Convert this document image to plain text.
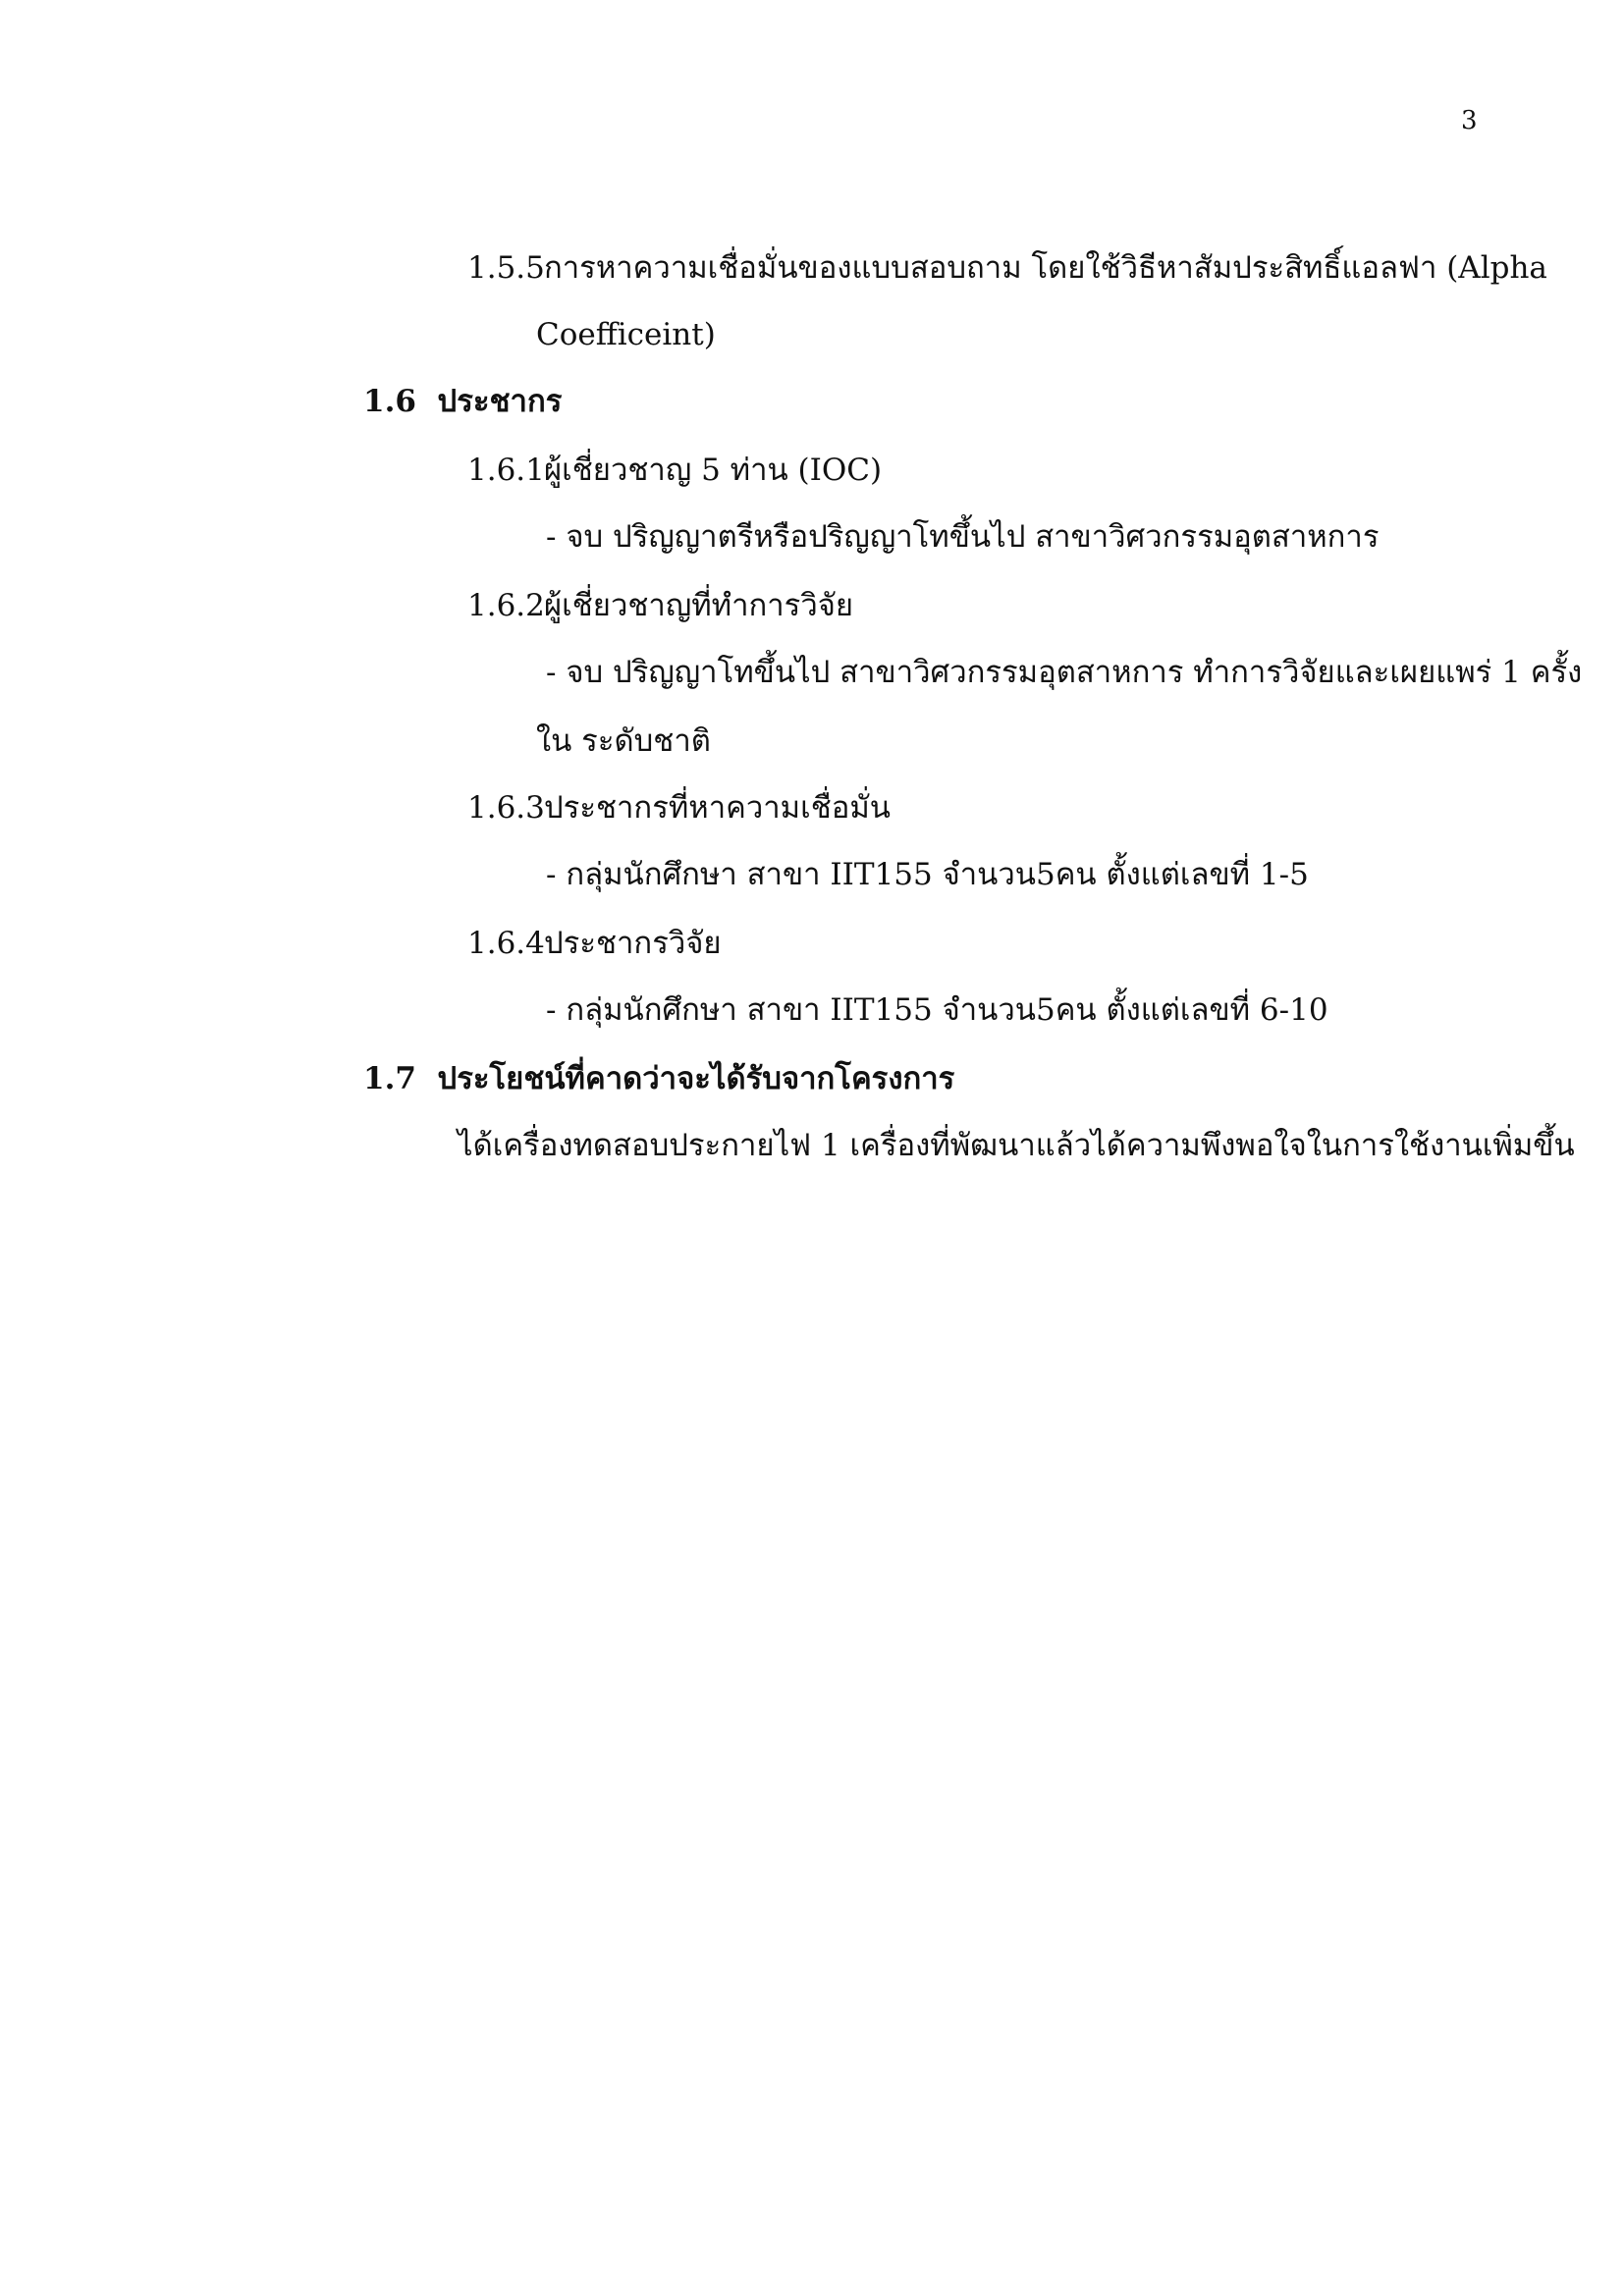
3
1.5.5การหาความเชื่อมั่นของแบบสอบถาม โดยใช้วิธีหาสัมประสิทธิ์แอลฟา (Alpha
Coefficeint)
1.6 ประชากร
1.6.1ผู้เชี่ยวชาญ 5 ท่าน (IOC)
- จบ ปริญญาตรีหรือปริญญาโทขึ้นไป สาขาวิศวกรรมอุตสาหการ
1.6.2ผู้เชี่ยวชาญที่ทำการวิจัย
- จบ ปริญญาโทขึ้นไป สาขาวิศวกรรมอุตสาหการ ทำการวิจัยและเผยแพร่ 1 ครั้ง
ใน ระดับชาติ
1.6.3ประชากรที่หาความเชื่อมั่น
- กลุ่มนักศึกษา สาขา IIT155 จำนวน5คน ตั้งแต่เลขที่ 1-5
1.6.4ประชากรวิจัย
- กลุ่มนักศึกษา สาขา IIT155 จำนวน5คน ตั้งแต่เลขที่ 6-10
1.7 ประโยชน์ที่คาดว่าจะได้รับจากโครงการ
ได้เครื่องทดสอบประกายไฟ 1 เครื่องที่พัฒนาแล้วได้ความพึงพอใจในการใช้งานเพิ่มขึ้น
